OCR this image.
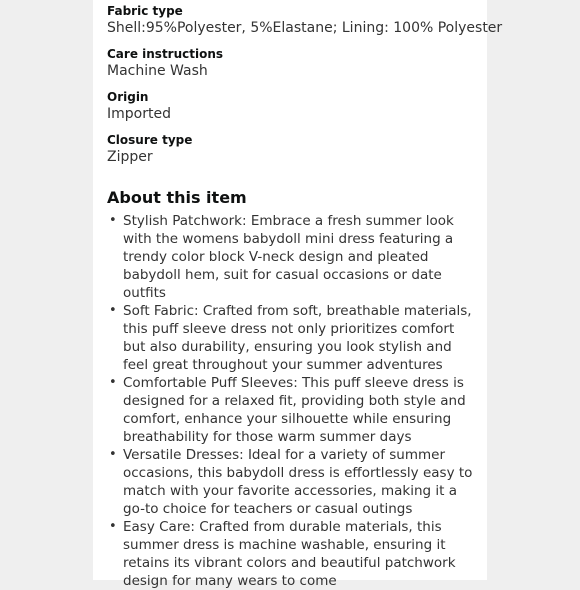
Fabric type
Shell:95%Polyester, 5%Elastane; Lining: 100% Polyester
Care instructions
Machine Wash
Origin
Imported
Closure type
Zipper
About this item
• Stylish Patchwork: Embrace a fresh summer look with the womens babydoll mini dress featuring a trendy color block V-neck design and pleated babydoll hem, suit for casual occasions or date outfits
• Soft Fabric: Crafted from soft, breathable materials, this puff sleeve dress not only prioritizes comfort but also durability, ensuring you look stylish and feel great throughout your summer adventures
• Comfortable Puff Sleeves: This puff sleeve dress is designed for a relaxed fit, providing both style and comfort, enhance your silhouette while ensuring breathability for those warm summer days
• Versatile Dresses: Ideal for a variety of summer occasions, this babydoll dress is effortlessly easy to match with your favorite accessories, making it a go-to choice for teachers or casual outings
• Easy Care: Crafted from durable materials, this summer dress is machine washable, ensuring it retains its vibrant colors and beautiful patchwork design for many wears to come
